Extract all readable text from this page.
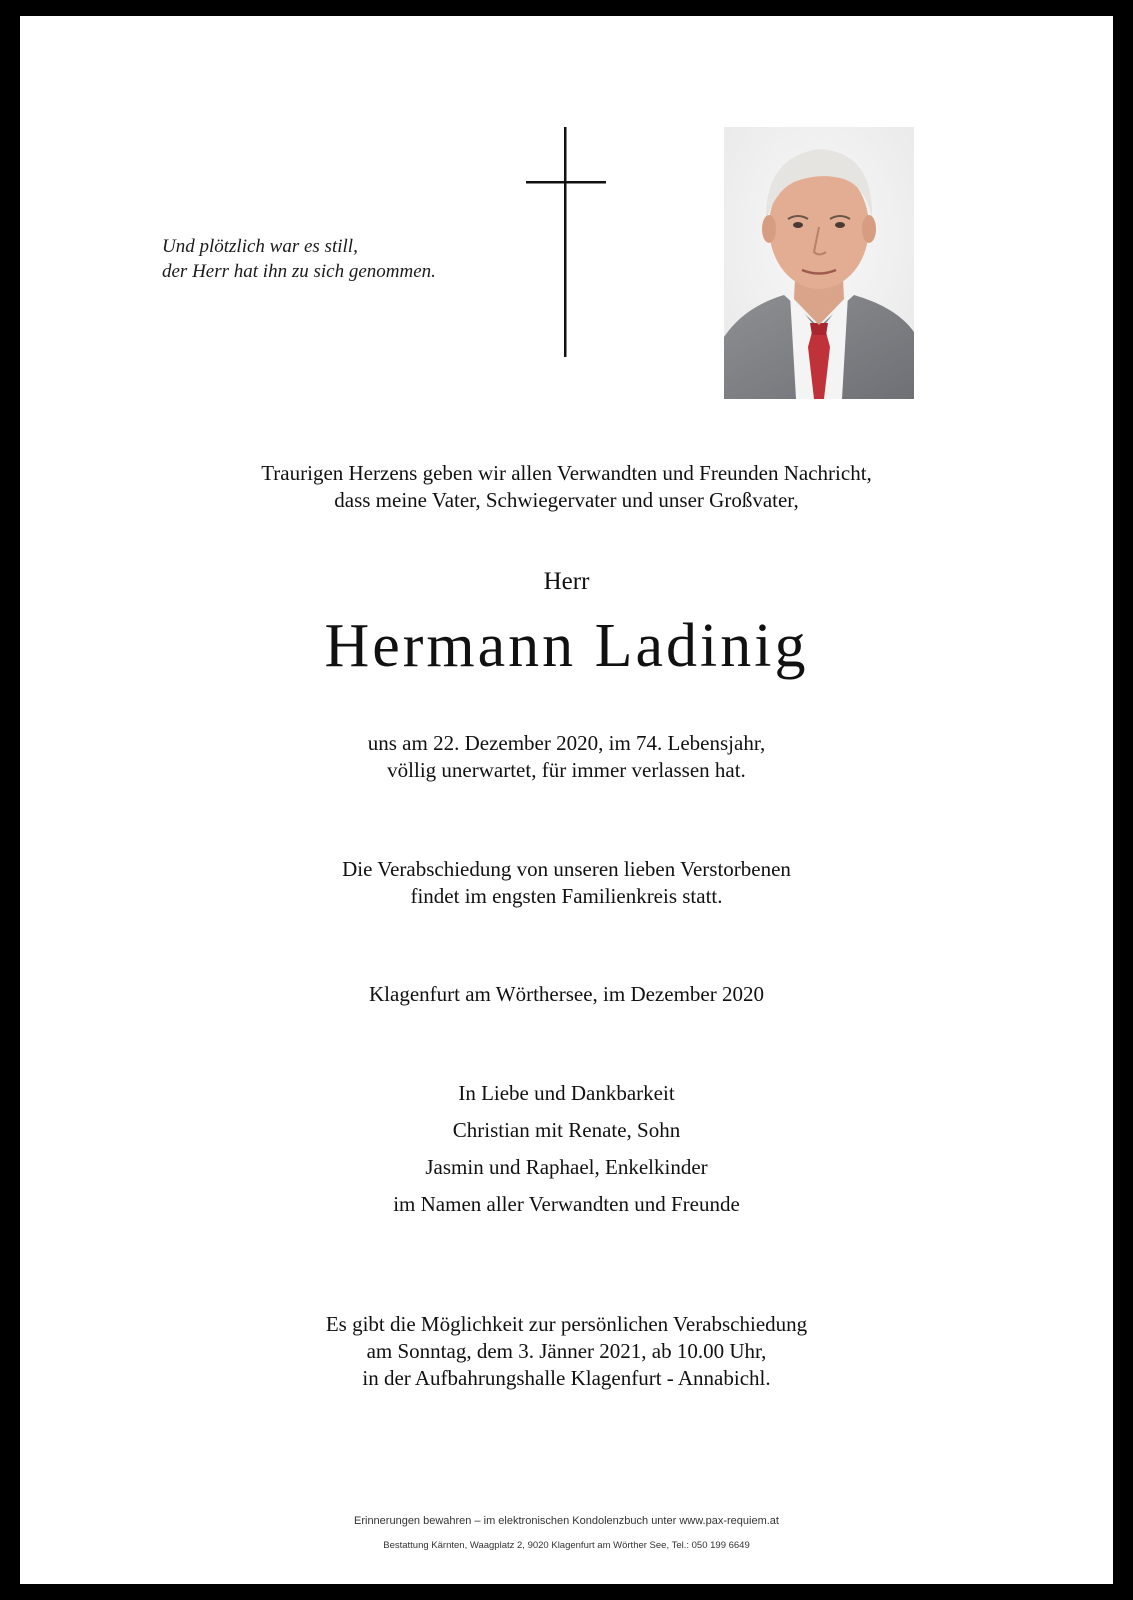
Und plötzlich war es still,
der Herr hat ihn zu sich genommen.
Traurigen Herzens geben wir allen Verwandten und Freunden Nachricht,
dass meine Vater, Schwiegervater und unser Großvater,
Herr
Hermann Ladinig
uns am 22. Dezember 2020, im 74. Lebensjahr,
völlig unerwartet, für immer verlassen hat.
Die Verabschiedung von unseren lieben Verstorbenen
findet im engsten Familienkreis statt.
Klagenfurt am Wörthersee, im Dezember 2020
In Liebe und Dankbarkeit
Christian mit Renate, Sohn
Jasmin und Raphael, Enkelkinder
im Namen aller Verwandten und Freunde
Es gibt die Möglichkeit zur persönlichen Verabschiedung
am Sonntag, dem 3. Jänner 2021, ab 10.00 Uhr,
in der Aufbahrungshalle Klagenfurt - Annabichl.
Erinnerungen bewahren – im elektronischen Kondolenzbuch unter www.pax-requiem.at
Bestattung Kärnten, Waagplatz 2, 9020 Klagenfurt am Wörther See, Tel.: 050 199 6649
